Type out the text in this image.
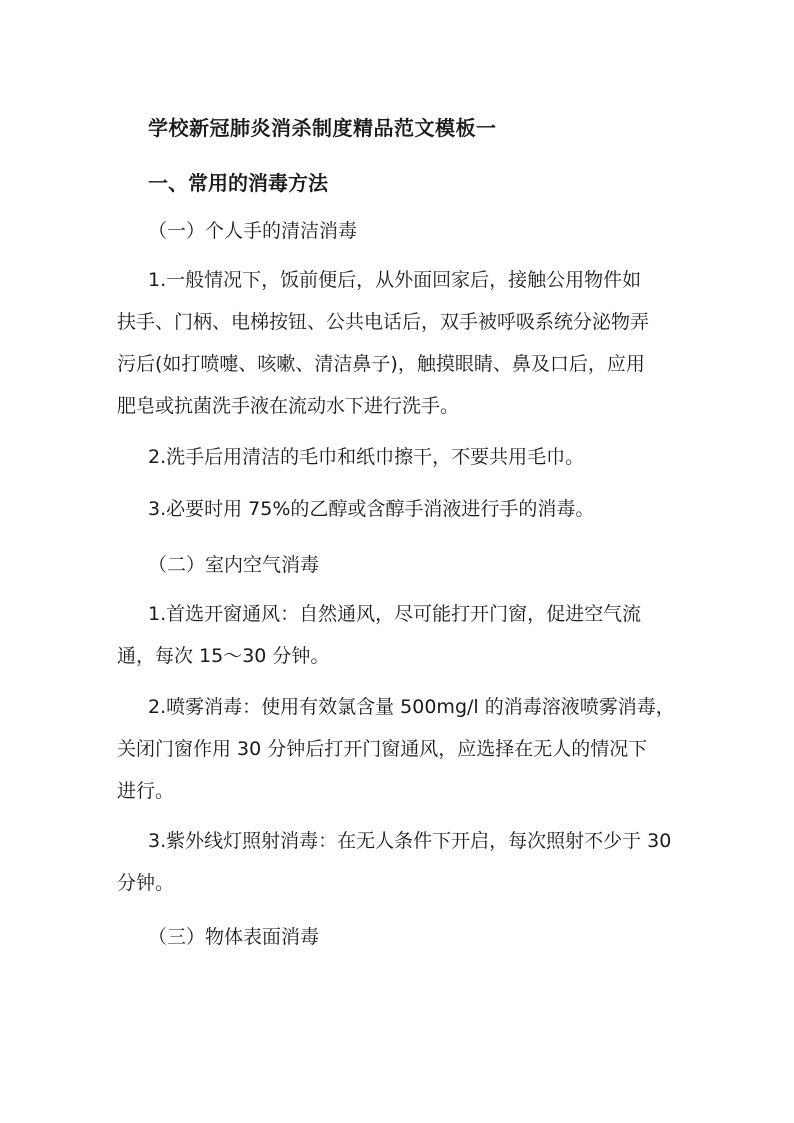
学校新冠肺炎消杀制度精品范文模板一
一、常用的消毒方法
（一）个人手的清洁消毒
1.一般情况下，饭前便后，从外面回家后，接触公用物件如
扶手、门柄、电梯按钮、公共电话后，双手被呼吸系统分泌物弄
污后(如打喷嚏、咳嗽、清洁鼻子)，触摸眼睛、鼻及口后，应用
肥皂或抗菌洗手液在流动水下进行洗手。
2.洗手后用清洁的毛巾和纸巾擦干，不要共用毛巾。
3.必要时用 75%的乙醇或含醇手消液进行手的消毒。
（二）室内空气消毒
1.首选开窗通风：自然通风，尽可能打开门窗，促进空气流
通，每次 15～30 分钟。
2.喷雾消毒：使用有效氯含量 500mg/l 的消毒溶液喷雾消毒，
关闭门窗作用 30 分钟后打开门窗通风，应选择在无人的情况下
进行。
3.紫外线灯照射消毒：在无人条件下开启，每次照射不少于 30
分钟。
（三）物体表面消毒
